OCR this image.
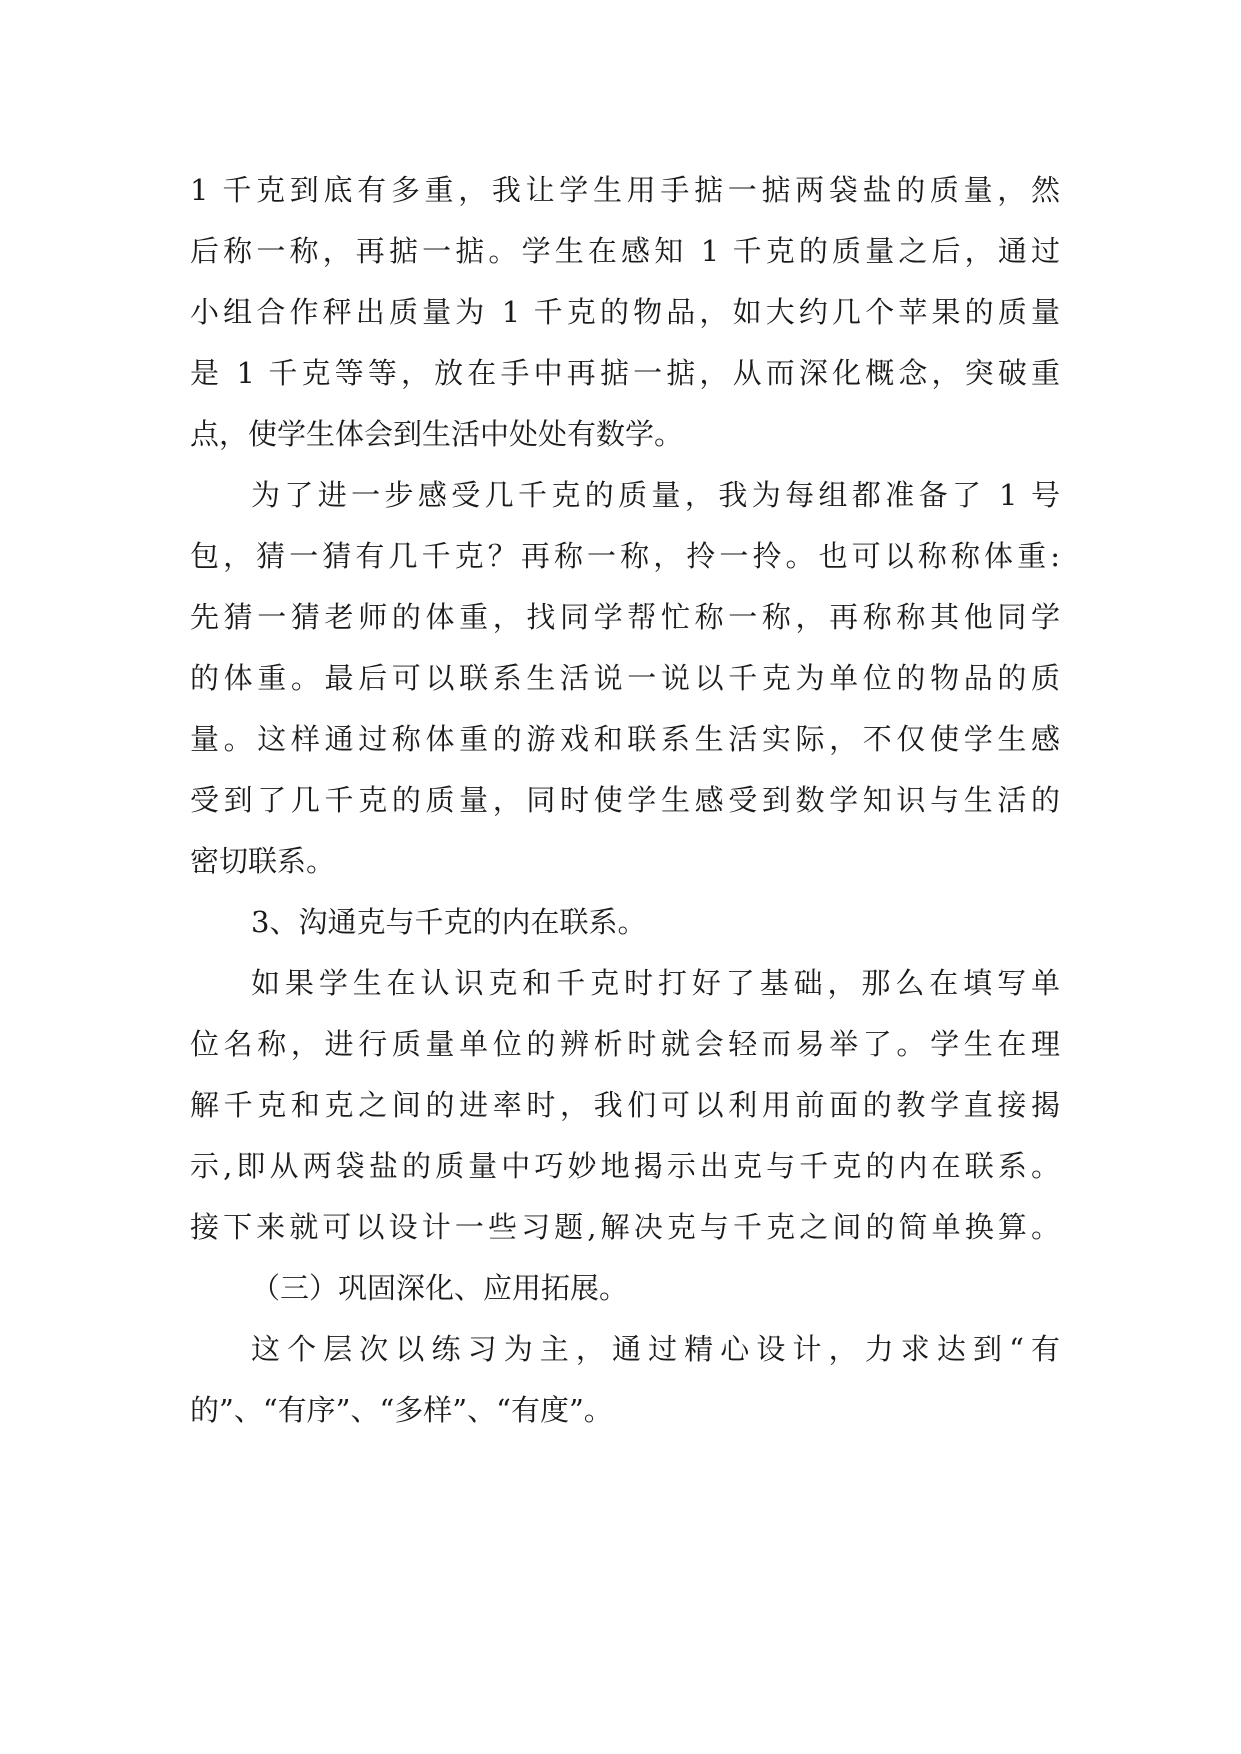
1 千克到底有多重，我让学生用手掂一掂两袋盐的质量，然
后称一称，再掂一掂。学生在感知 1 千克的质量之后，通过
小组合作秤出质量为 1 千克的物品，如大约几个苹果的质量
是 1 千克等等，放在手中再掂一掂，从而深化概念，突破重
点，使学生体会到生活中处处有数学。
为了进一步感受几千克的质量，我为每组都准备了 1 号
包，猜一猜有几千克？再称一称，拎一拎。也可以称称体重:
先猜一猜老师的体重，找同学帮忙称一称，再称称其他同学
的体重。最后可以联系生活说一说以千克为单位的物品的质
量。这样通过称体重的游戏和联系生活实际，不仅使学生感
受到了几千克的质量，同时使学生感受到数学知识与生活的
密切联系。
3、沟通克与千克的内在联系。
如果学生在认识克和千克时打好了基础，那么在填写单
位名称，进行质量单位的辨析时就会轻而易举了。学生在理
解千克和克之间的进率时，我们可以利用前面的教学直接揭
示,即从两袋盐的质量中巧妙地揭示出克与千克的内在联系。
接下来就可以设计一些习题,解决克与千克之间的简单换算。
（三）巩固深化、应用拓展。
这个层次以练习为主，通过精心设计，力求达到“有
的”、“有序”、“多样”、“有度”。
